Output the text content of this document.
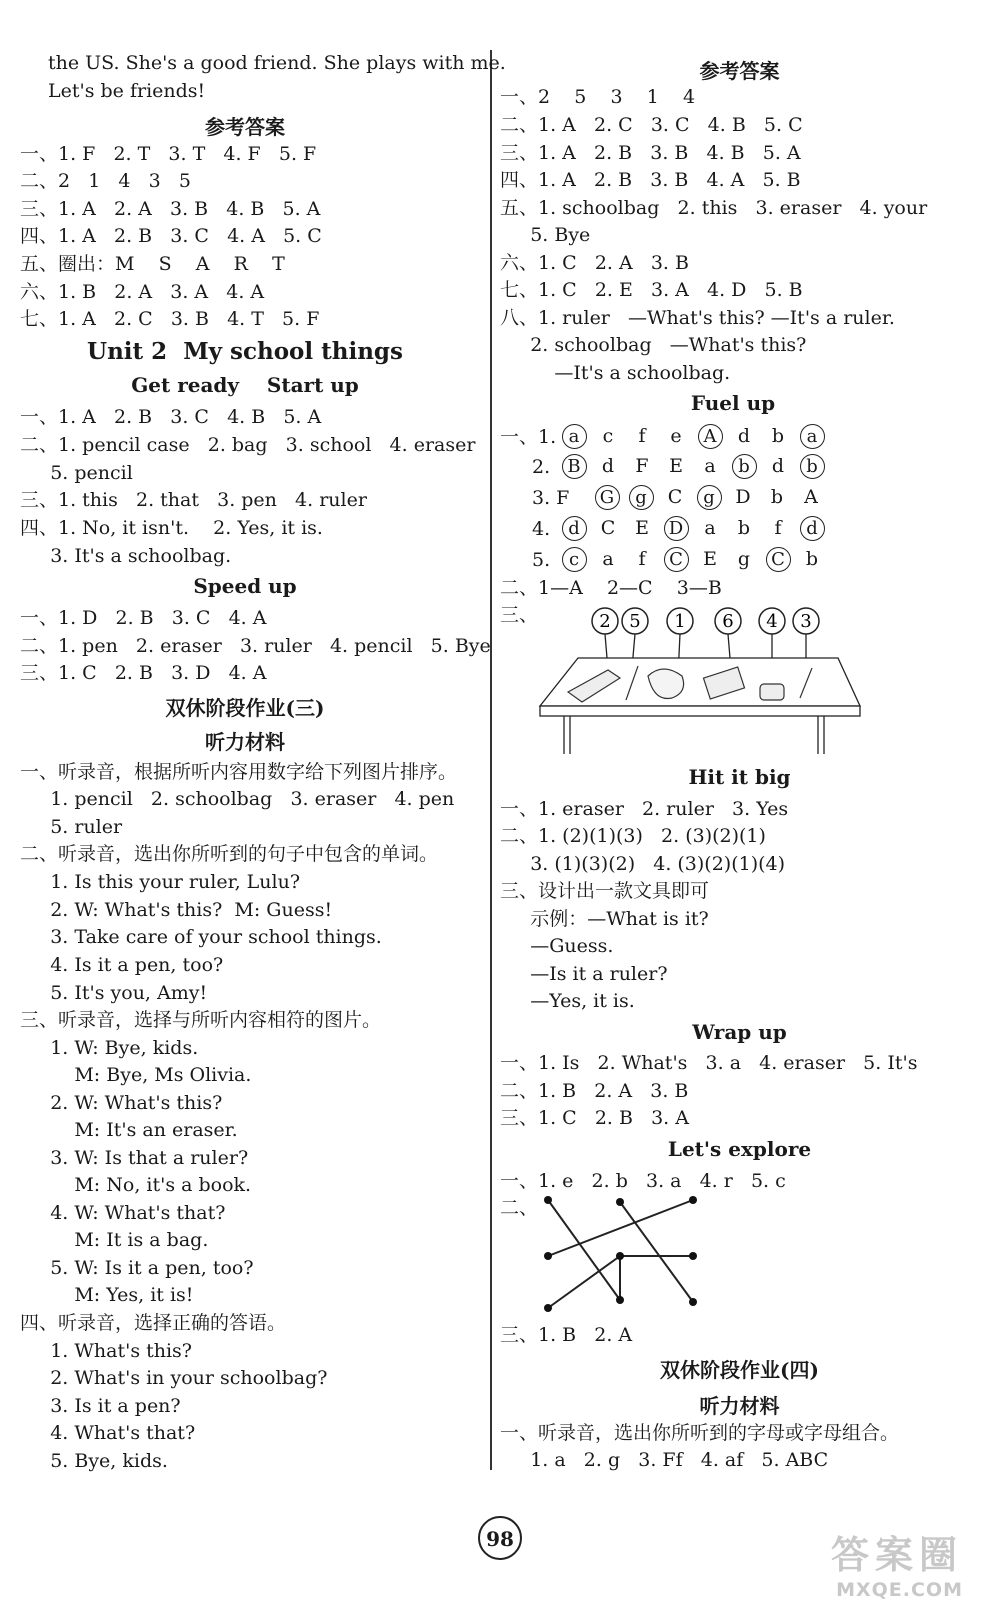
the US. She's a good friend. She plays with me.
Let's be friends!
参考答案
一、1. F   2. T   3. T   4. F   5. F
二、2   1   4   3   5
三、1. A   2. A   3. B   4. B   5. A
四、1. A   2. B   3. C   4. A   5. C
五、圈出：M    S    A    R    T
六、1. B   2. A   3. A   4. A
七、1. A   2. C   3. B   4. T   5. F
Unit 2  My school things
Get ready    Start up
一、1. A   2. B   3. C   4. B   5. A
二、1. pencil case   2. bag   3. school   4. eraser
5. pencil
三、1. this   2. that   3. pen   4. ruler
四、1. No, it isn't.    2. Yes, it is.
3. It's a schoolbag.
Speed up
一、1. D   2. B   3. C   4. A
二、1. pen   2. eraser   3. ruler   4. pencil   5. Bye
三、1. C   2. B   3. D   4. A
双休阶段作业(三)
听力材料
一、听录音，根据所听内容用数字给下列图片排序。
1. pencil   2. schoolbag   3. eraser   4. pen
5. ruler
二、听录音，选出你所听到的句子中包含的单词。
1. Is this your ruler, Lulu?
2. W: What's this?  M: Guess!
3. Take care of your school things.
4. Is it a pen, too?
5. It's you, Amy!
三、听录音，选择与所听内容相符的图片。
1. W: Bye, kids.
M: Bye, Ms Olivia.
2. W: What's this?
M: It's an eraser.
3. W: Is that a ruler?
M: No, it's a book.
4. W: What's that?
M: It is a bag.
5. W: Is it a pen, too?
M: Yes, it is!
四、听录音，选择正确的答语。
1. What's this?
2. What's in your schoolbag?
3. Is it a pen?
4. What's that?
5. Bye, kids.
参考答案
一、2    5    3    1    4
二、1. A   2. C   3. C   4. B   5. C
三、1. A   2. B   3. B   4. B   5. A
四、1. A   2. B   3. B   4. A   5. B
五、1. schoolbag   2. this   3. eraser   4. your
5. Bye
六、1. C   2. A   3. B
七、1. C   2. E   3. A   4. D   5. B
八、1. ruler   —What's this? —It's a ruler.
2. schoolbag   —What's this?
—It's a schoolbag.
Fuel up
一、1. a	c	f	e	A	d	b	a
2. B	d	F	E	a	b	d	b
3. F	G	g	C	g	D	b	A
4.	d	C	E	D	a	b	f	d
5.	c	a	f	C	E	g	C	b
二、1—A    2—C    3—B
三、	2 5 1 6 4 3
Hit it big
一、1. eraser   2. ruler   3. Yes
二、1. (2)(1)(3)   2. (3)(2)(1)
3. (1)(3)(2)   4. (3)(2)(1)(4)
三、设计出一款文具即可
示例：—What is it?
—Guess.
—Is it a ruler?
—Yes, it is.
Wrap up
一、1. Is   2. What's   3. a   4. eraser   5. It's
二、1. B   2. A   3. B
三、1. C   2. B   3. A
Let's explore
一、1. e   2. b   3. a   4. r   5. c
二、
三、1. B   2. A
双休阶段作业(四)
听力材料
一、听录音，选出你所听到的字母或字母组合。
1. a   2. g   3. Ff   4. af   5. ABC
98	答案圈
MXQE.COM
